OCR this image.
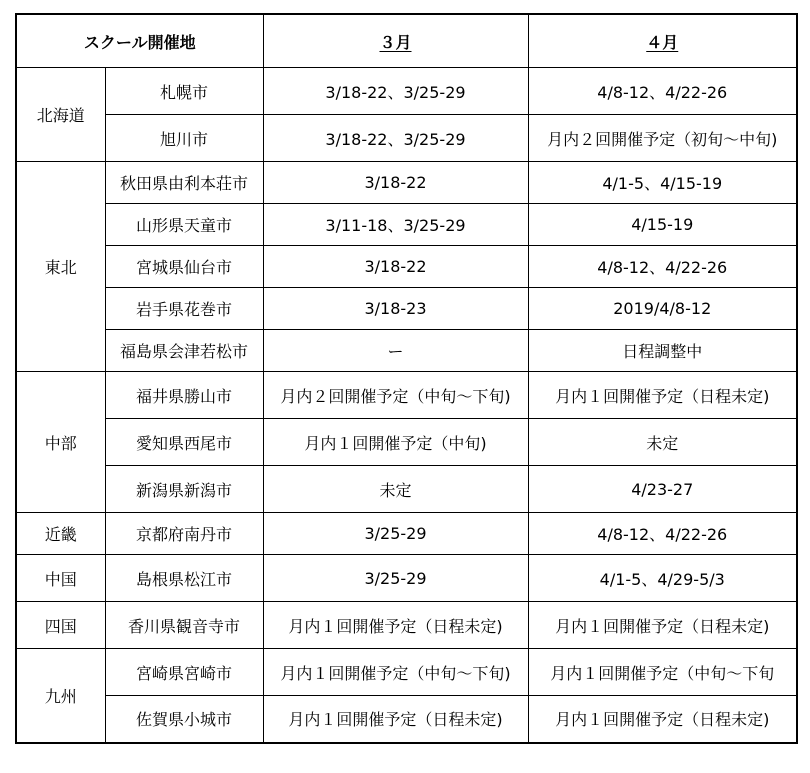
スクール開催地		３月	４月
北海道	札幌市	3/18-22、3/25-29	4/8-12、4/22-26
	旭川市	3/18-22、3/25-29	月内２回開催予定（初旬〜中旬)
東北	秋田県由利本荘市	3/18-22	4/1-5、4/15-19
	山形県天童市	3/11-18、3/25-29	4/15-19
	宮城県仙台市	3/18-22	4/8-12、4/22-26
	岩手県花巻市	3/18-23	2019/4/8-12
	福島県会津若松市	ー	日程調整中
中部	福井県勝山市	月内２回開催予定（中旬〜下旬)	月内１回開催予定（日程未定)
	愛知県西尾市	月内１回開催予定（中旬)	未定
	新潟県新潟市	未定	4/23-27
近畿	京都府南丹市	3/25-29	4/8-12、4/22-26
中国	島根県松江市	3/25-29	4/1-5、4/29-5/3
四国	香川県観音寺市	月内１回開催予定（日程未定)	月内１回開催予定（日程未定)
九州	宮崎県宮崎市	月内１回開催予定（中旬〜下旬)	月内１回開催予定（中旬〜下旬
	佐賀県小城市	月内１回開催予定（日程未定)	月内１回開催予定（日程未定)
